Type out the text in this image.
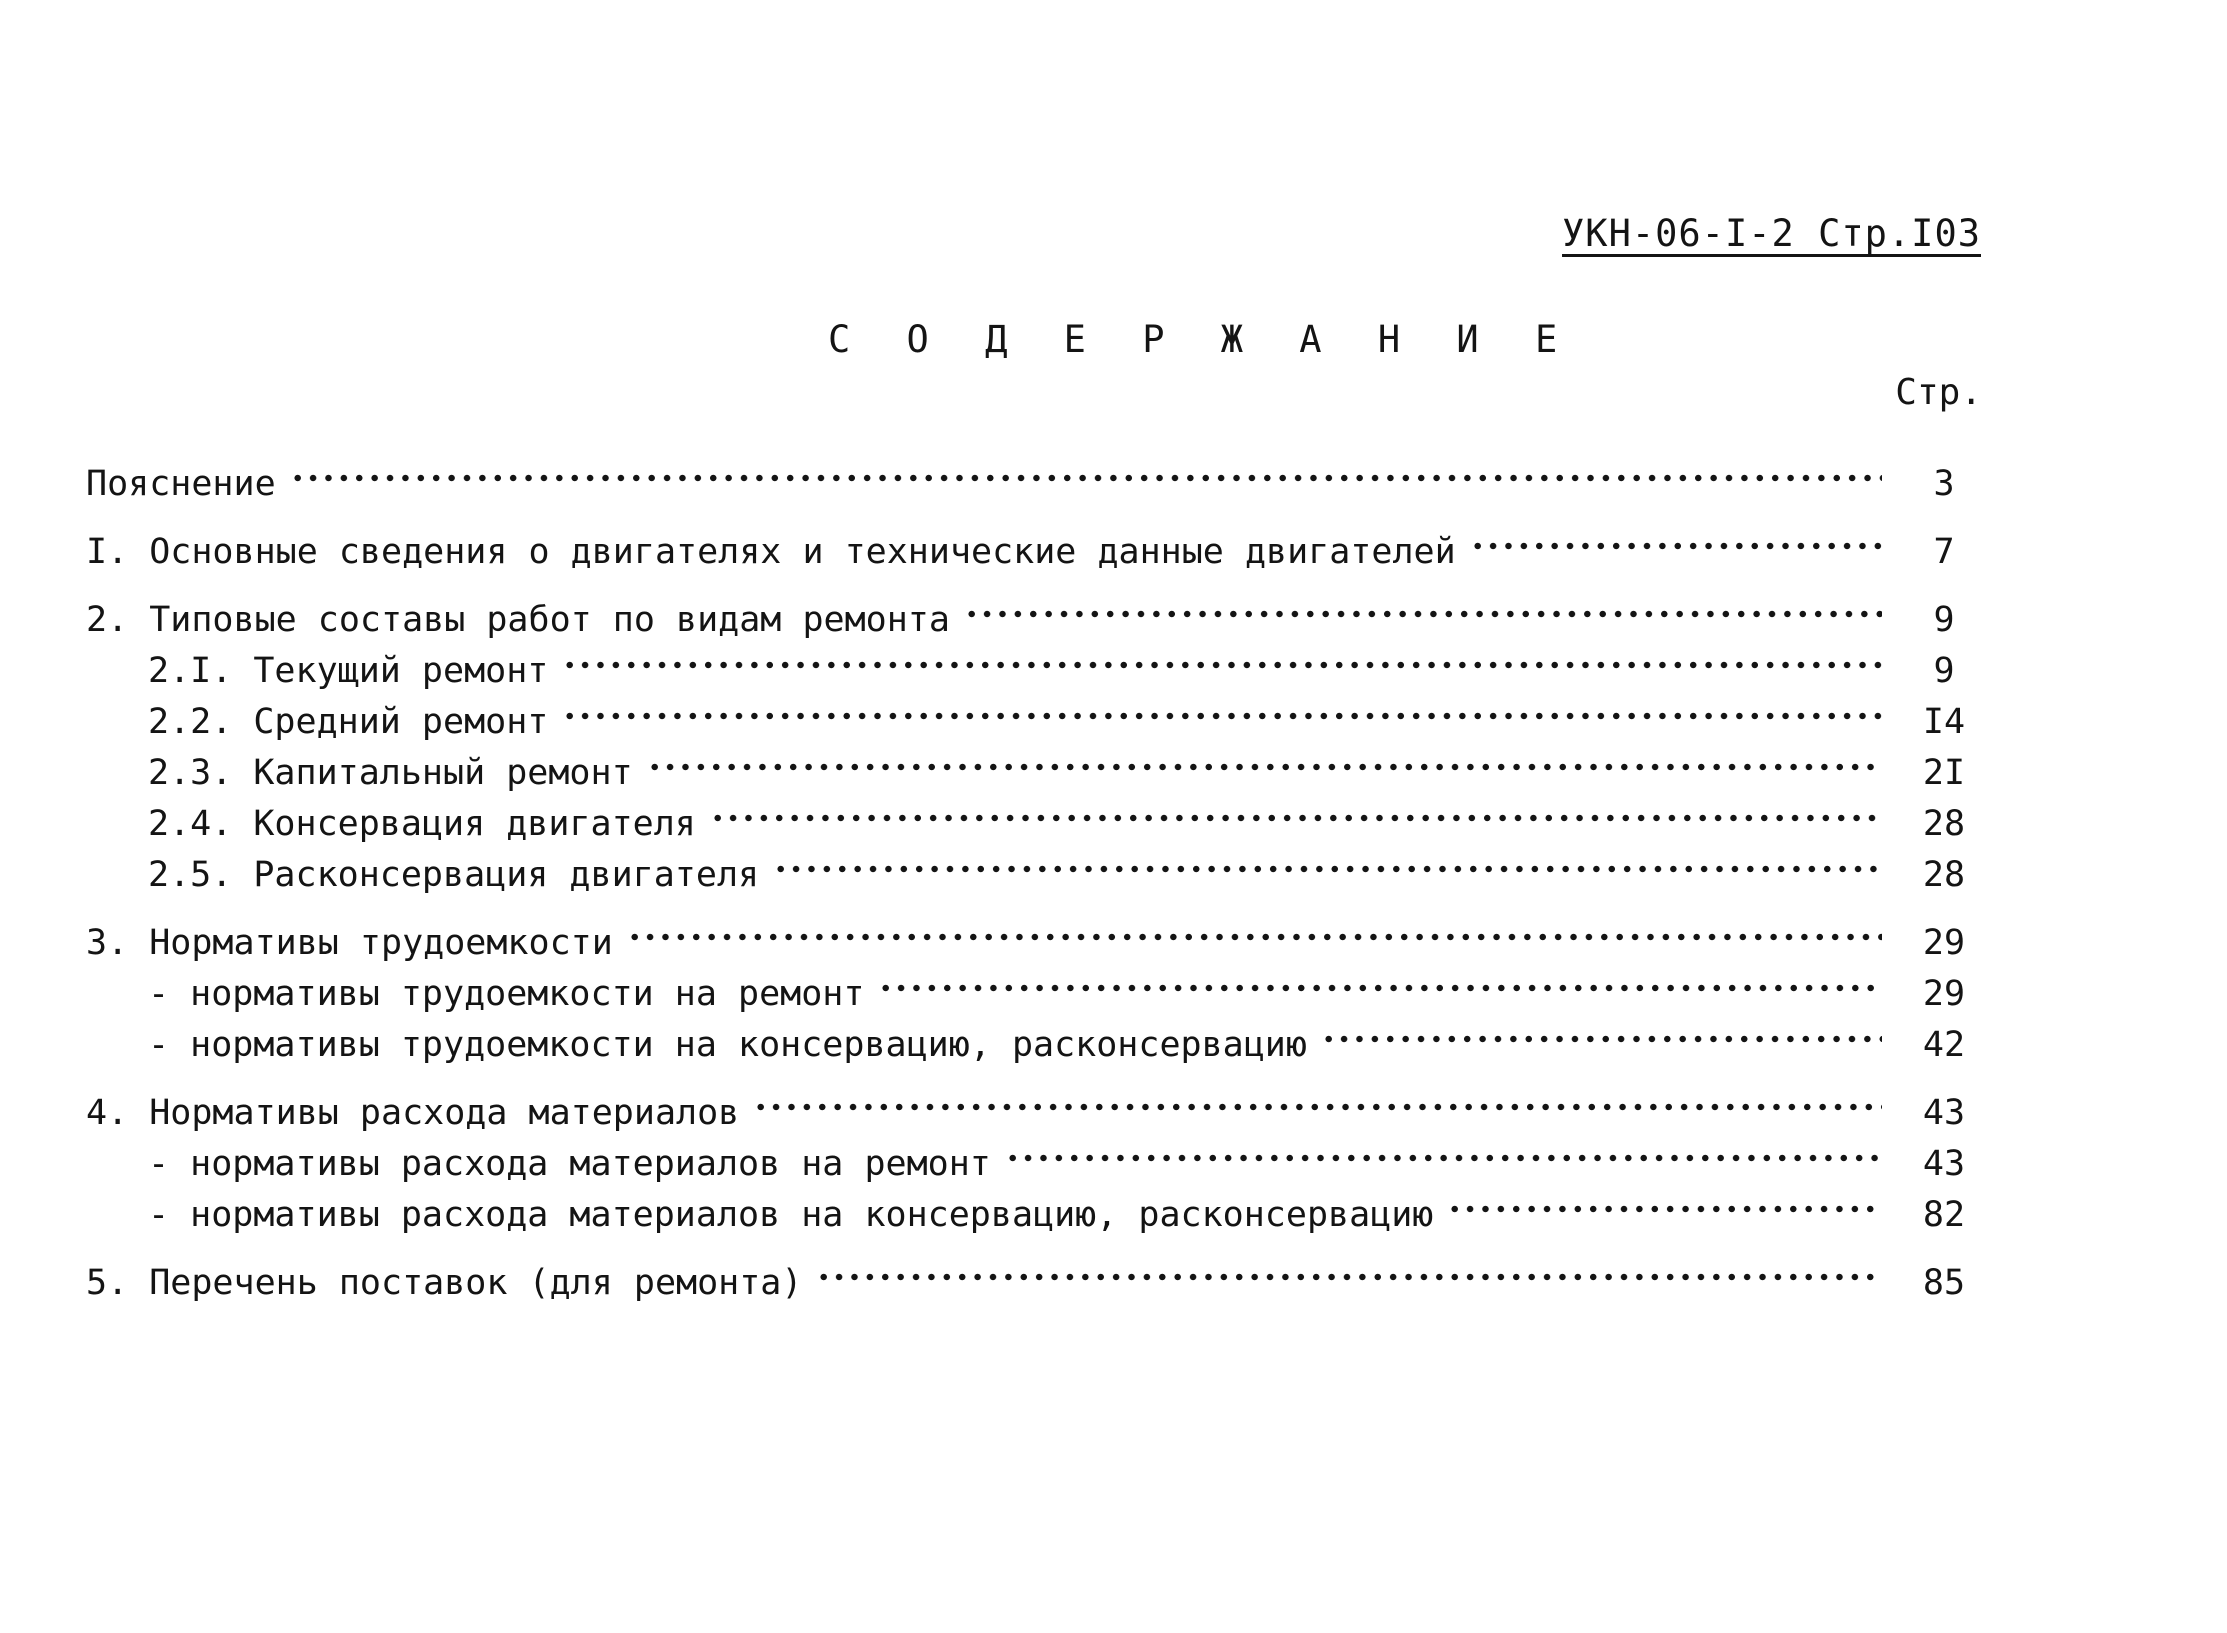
УКН-06-I-2 Стр.I03
С О Д Е Р Ж А Н И Е
Стр.
Пояснение	3
I. Основные сведения о двигателях и технические данные двигателей	7
2. Типовые составы работ по видам ремонта	9
2.I. Текущий ремонт	9
2.2. Средний ремонт	I4
2.3. Капитальный ремонт	2I
2.4. Консервация двигателя	28
2.5. Расконсервация двигателя	28
3. Нормативы трудоемкости	29
- нормативы трудоемкости на ремонт	29
- нормативы трудоемкости на консервацию, расконсервацию	42
4. Нормативы расхода материалов	43
- нормативы расхода материалов на ремонт	43
- нормативы расхода материалов на консервацию, расконсервацию	82
5. Перечень поставок (для ремонта)	85
